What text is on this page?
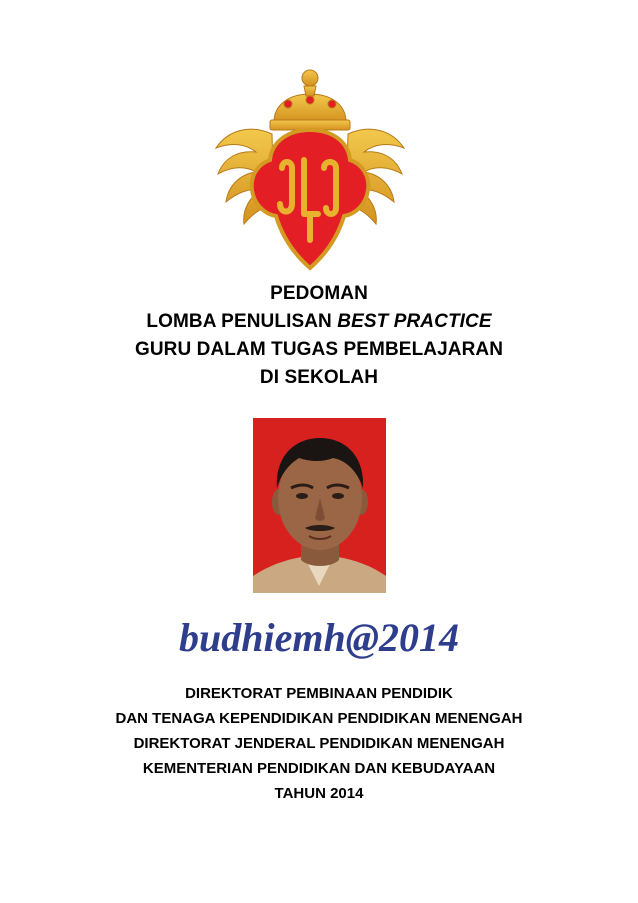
PEDOMAN
LOMBA PENULISAN BEST PRACTICE
GURU DALAM TUGAS PEMBELAJARAN
DI SEKOLAH
budhiemh@2014
DIREKTORAT PEMBINAAN PENDIDIK
DAN TENAGA KEPENDIDIKAN PENDIDIKAN MENENGAH
DIREKTORAT JENDERAL PENDIDIKAN MENENGAH
KEMENTERIAN PENDIDIKAN DAN KEBUDAYAAN
TAHUN 2014
